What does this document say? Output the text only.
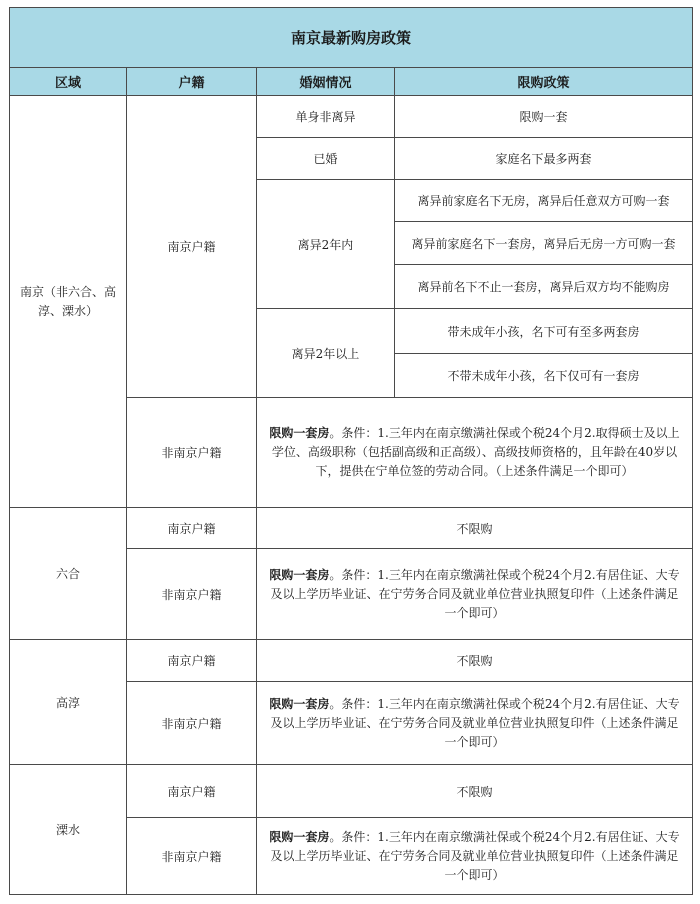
南京最新购房政策			
区域	户籍	婚姻情况	限购政策

南京（非六合、高淳、溧水）	南京户籍	单身非离异	限购一套
		已婚	家庭名下最多两套
		离异2年内	离异前家庭名下无房，离异后任意双方可购一套
			离异前家庭名下一套房，离异后无房一方可购一套
			离异前名下不止一套房，离异后双方均不能购房
		离异2年以上	带未成年小孩，名下可有至多两套房
			不带未成年小孩，名下仅可有一套房
	非南京户籍	限购一套房。条件：1.三年内在南京缴满社保或个税24个月2.取得硕士及以上学位、高级职称（包括副高级和正高级）、高级技师资格的，且年龄在40岁以下，提供在宁单位签的劳动合同。（上述条件满足一个即可）	
六合	南京户籍	不限购	
	非南京户籍	限购一套房。条件：1.三年内在南京缴满社保或个税24个月2.有居住证、大专及以上学历毕业证、在宁劳务合同及就业单位营业执照复印件（上述条件满足一个即可）	
高淳	南京户籍	不限购	
	非南京户籍	限购一套房。条件：1.三年内在南京缴满社保或个税24个月2.有居住证、大专及以上学历毕业证、在宁劳务合同及就业单位营业执照复印件（上述条件满足一个即可）	
溧水	南京户籍	不限购	
	非南京户籍	限购一套房。条件：1.三年内在南京缴满社保或个税24个月2.有居住证、大专及以上学历毕业证、在宁劳务合同及就业单位营业执照复印件（上述条件满足一个即可）	
